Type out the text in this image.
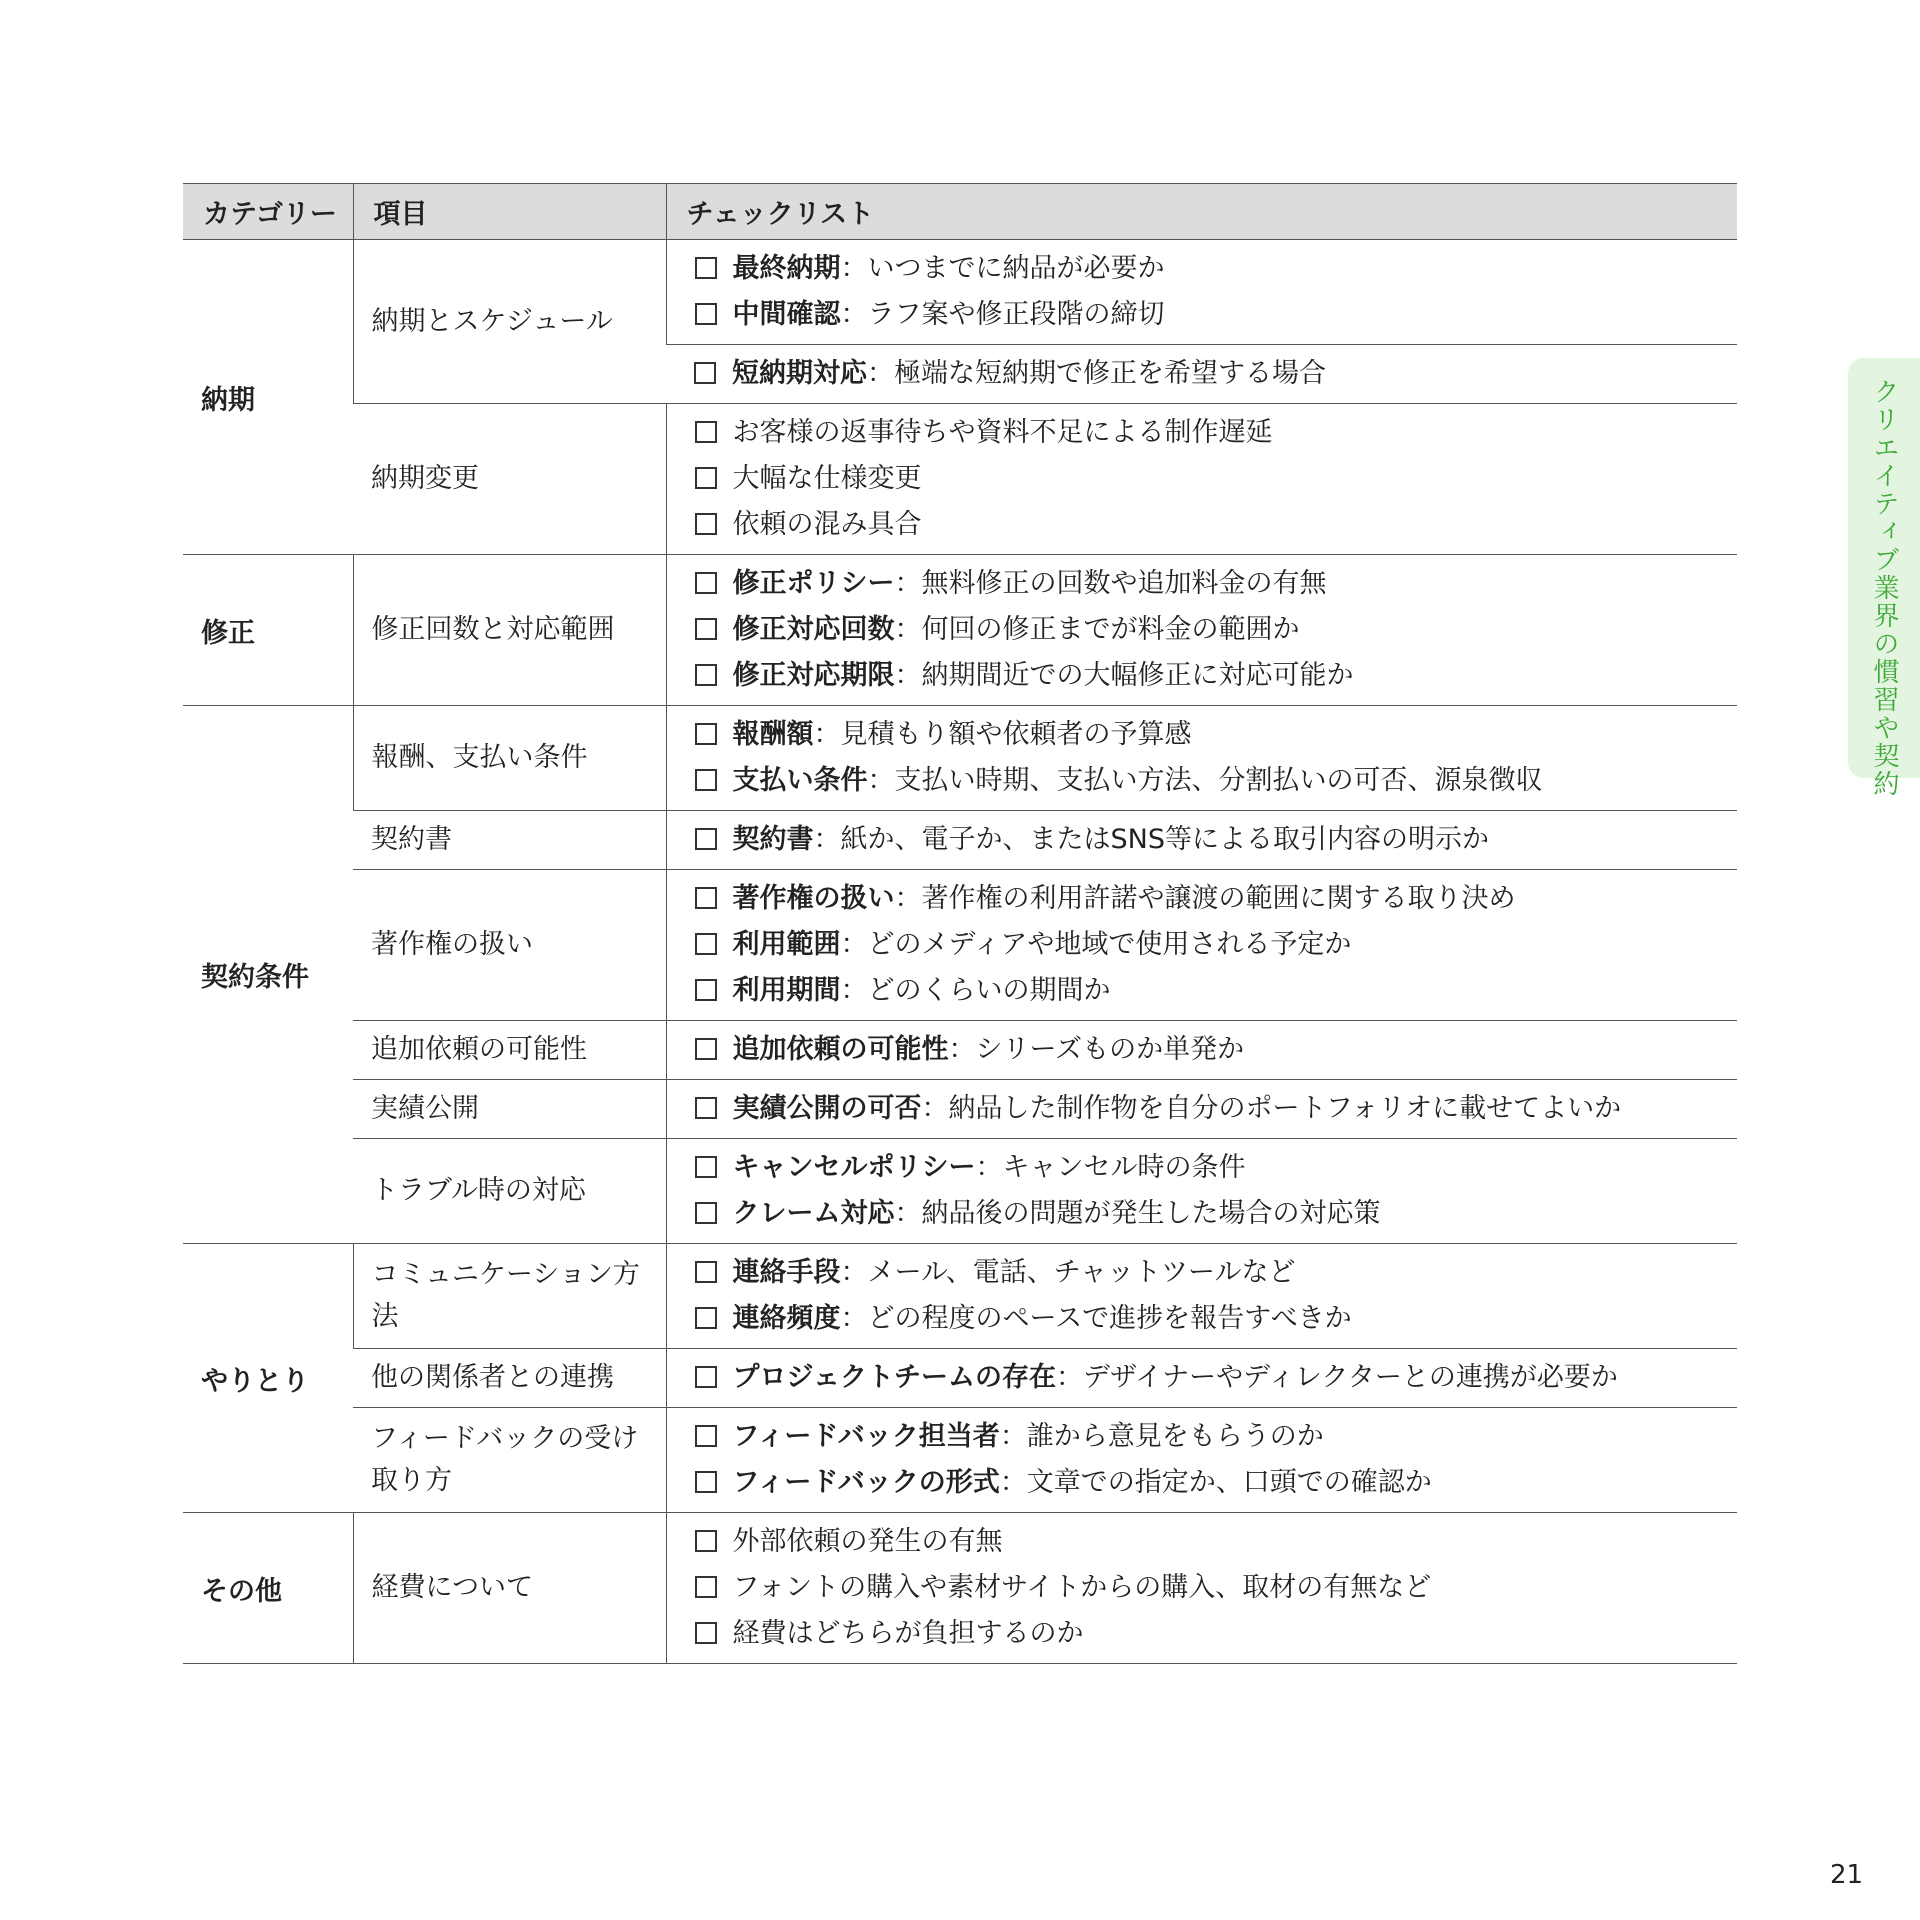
カテゴリー	項目	チェックリスト
納期	納期とスケジュール	最終納期：いつまでに納品が必要か
中間確認：ラフ案や修正段階の締切

		短納期対応：極端な短納期で修正を希望する場合

	納期変更	お客様の返事待ちや資料不足による制作遅延
大幅な仕様変更
依頼の混み具合

修正	修正回数と対応範囲	修正ポリシー：無料修正の回数や追加料金の有無
修正対応回数：何回の修正までが料金の範囲か
修正対応期限：納期間近での大幅修正に対応可能か

契約条件	報酬、支払い条件	報酬額：見積もり額や依頼者の予算感
支払い条件：支払い時期、支払い方法、分割払いの可否、源泉徴収

	契約書	契約書：紙か、電子か、またはSNS等による取引内容の明示か

	著作権の扱い	著作権の扱い：著作権の利用許諾や譲渡の範囲に関する取り決め
利用範囲：どのメディアや地域で使用される予定か
利用期間：どのくらいの期間か

	追加依頼の可能性	追加依頼の可能性：シリーズものか単発か

	実績公開	実績公開の可否：納品した制作物を自分のポートフォリオに載せてよいか

	トラブル時の対応	キャンセルポリシー：キャンセル時の条件
クレーム対応：納品後の問題が発生した場合の対応策

やりとり	コミュニケーション方法	連絡手段：メール、電話、チャットツールなど
連絡頻度：どの程度のペースで進捗を報告すべきか

	他の関係者との連携	プロジェクトチームの存在：デザイナーやディレクターとの連携が必要か

	フィードバックの受け取り方	フィードバック担当者：誰から意見をもらうのか
フィードバックの形式：文章での指定か、口頭での確認か

その他	経費について	外部依頼の発生の有無
フォントの購入や素材サイトからの購入、取材の有無など
経費はどちらが負担するのか
クリエイティブ業界の慣習や契約
21
